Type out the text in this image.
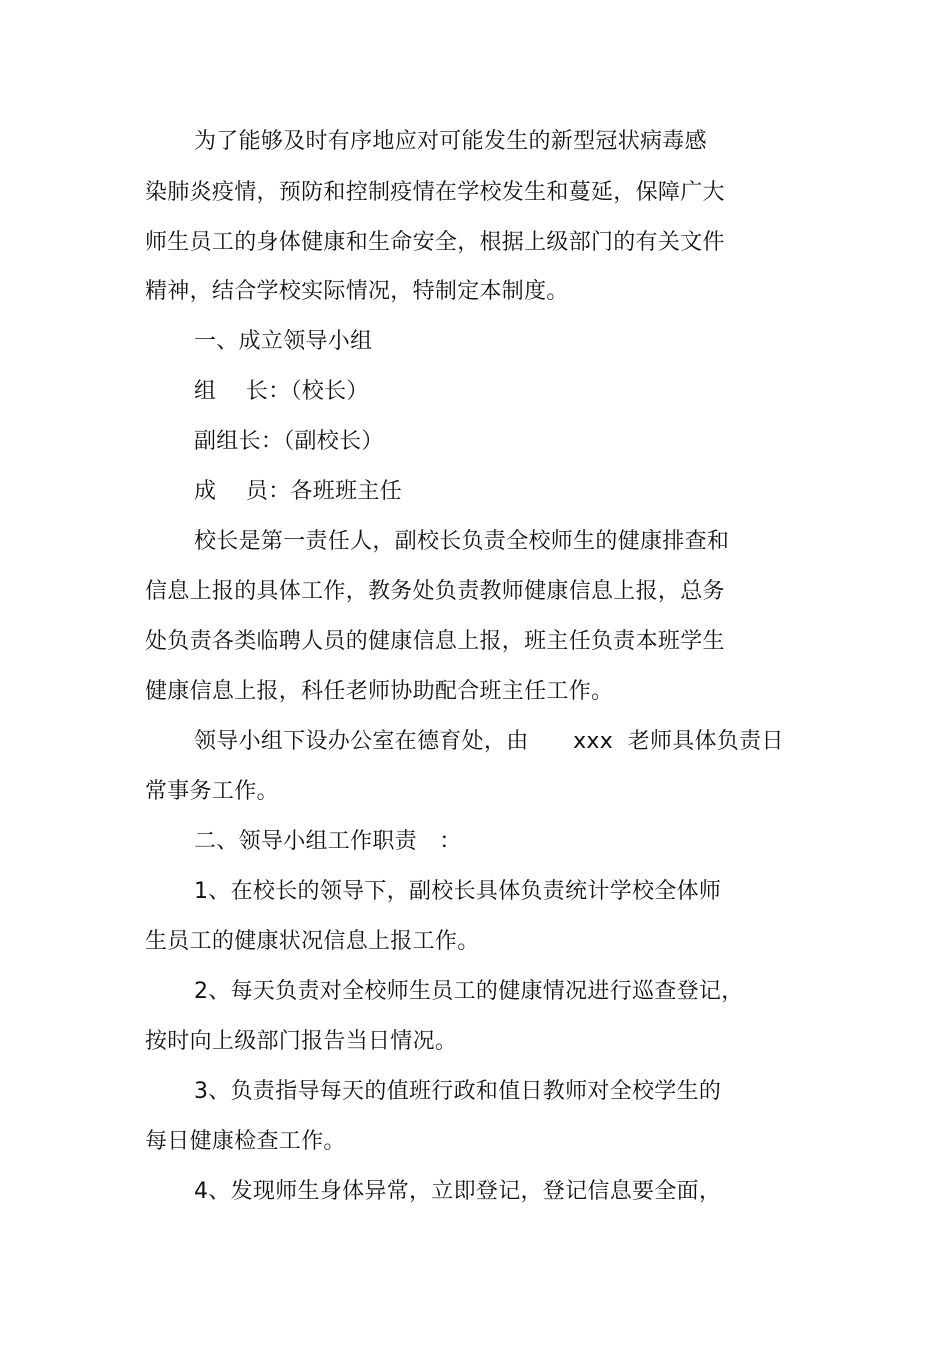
为了能够及时有序地应对可能发生的新型冠状病毒感
染肺炎疫情，预防和控制疫情在学校发生和蔓延，保障广大
师生员工的身体健康和生命安全，根据上级部门的有关文件
精神，结合学校实际情况，特制定本制度。
一、成立领导小组
组　 长：（校长）
副组长：（副校长）
成　 员：各班班主任
校长是第一责任人，副校长负责全校师生的健康排查和
信息上报的具体工作，教务处负责教师健康信息上报，总务
处负责各类临聘人员的健康信息上报，班主任负责本班学生
健康信息上报，科任老师协助配合班主任工作。
领导小组下设办公室在德育处，由　　xxx  老师具体负责日
常事务工作。
二、领导小组工作职责　：
1、在校长的领导下，副校长具体负责统计学校全体师
生员工的健康状况信息上报工作。
2、每天负责对全校师生员工的健康情况进行巡查登记，
按时向上级部门报告当日情况。
3、负责指导每天的值班行政和值日教师对全校学生的
每日健康检查工作。
4、发现师生身体异常，立即登记，登记信息要全面，
